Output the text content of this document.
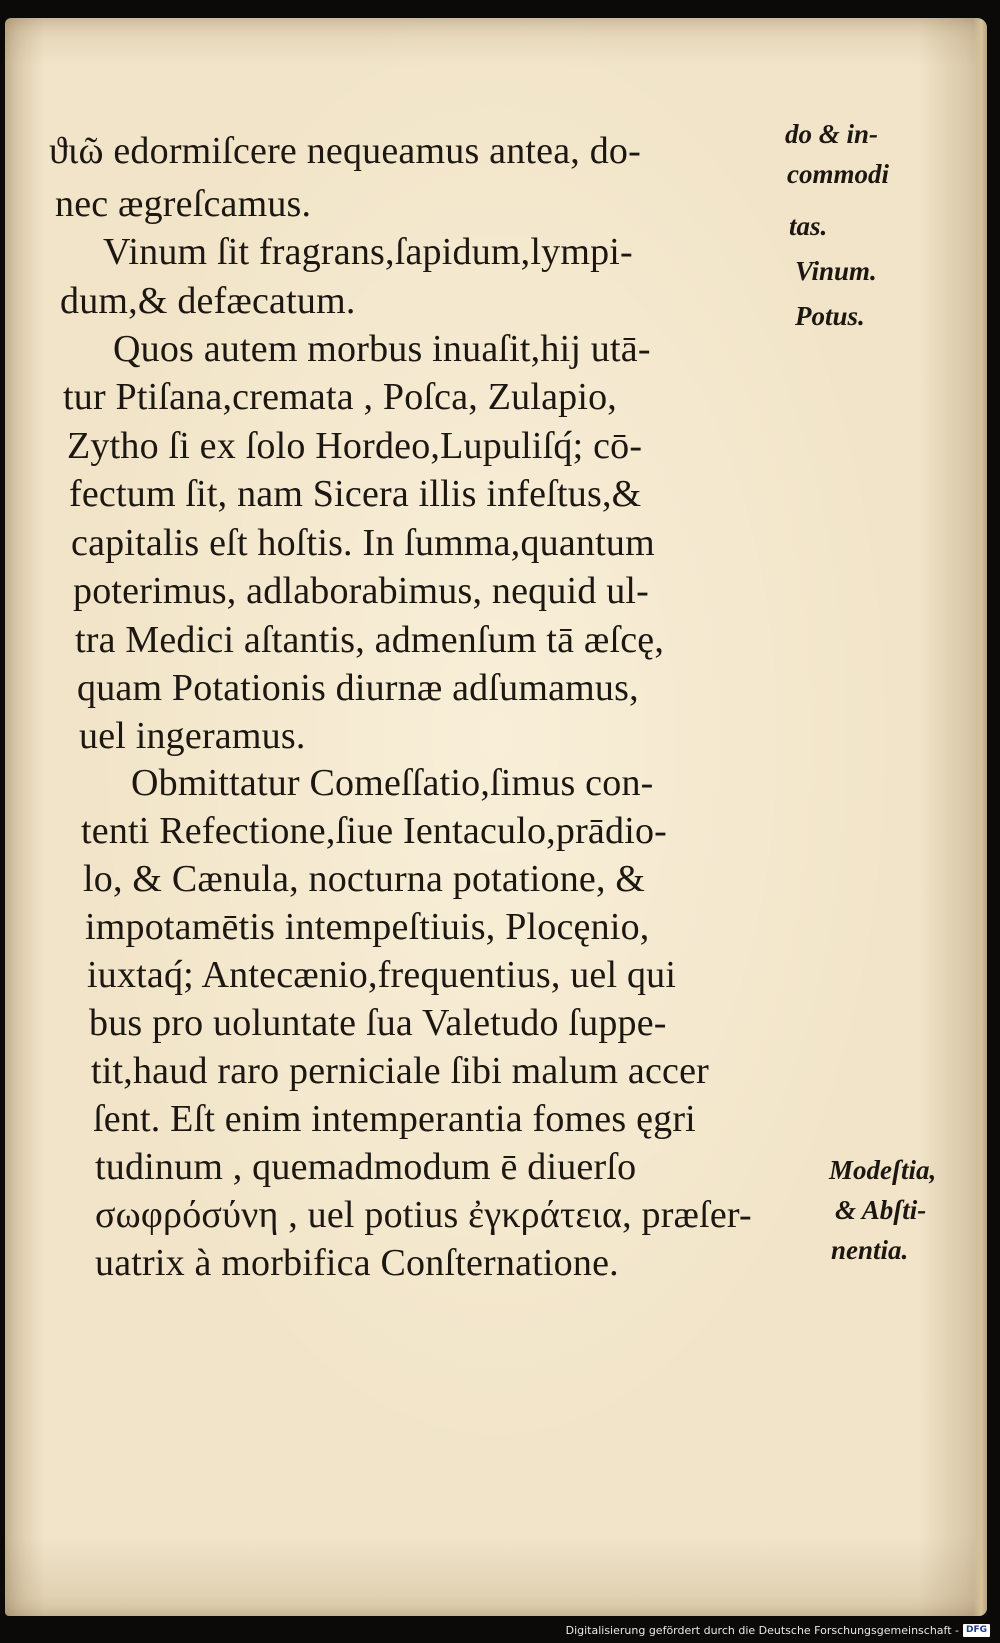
ϑιῶ edormiſcere nequeamus antea, do-
nec ægreſcamus.
Vinum ſit fragrans,ſapidum,lympi-
dum,& defæcatum.
Quos autem morbus inuaſit,hij utā-
tur Ptiſana,cremata , Poſca, Zulapio,
Zytho ſi ex ſolo Hordeo,Lupuliſq́; cō-
fectum ſit, nam Sicera illis infeſtus,&
capitalis eſt hoſtis. In ſumma,quantum
poterimus, adlaborabimus, nequid ul-
tra Medici aſtantis, admenſum tā æſcę,
quam Potationis diurnæ adſumamus,
uel ingeramus.
Obmittatur Comeſſatio,ſimus con-
tenti Refectione,ſiue Ientaculo,prādio-
lo, & Cænula, nocturna potatione, &
impotamētis intempeſtiuis, Plocęnio,
iuxtaq́; Antecænio,frequentius, uel qui
bus pro uoluntate ſua Valetudo ſuppe-
tit,haud raro perniciale ſibi malum accer
ſent. Eſt enim intemperantia fomes ęgri
tudinum , quemadmodum ē diuerſo
σωφρόσύνη , uel potius ἐγκράτεια, præſer-
uatrix à morbifica Conſternatione.
do & in-
commodi
tas.
Vinum.
Potus.
Modeſtia,
& Abſti-
nentia.
Digitalisierung gefördert durch die Deutsche Forschungsgemeinschaft - DFG
